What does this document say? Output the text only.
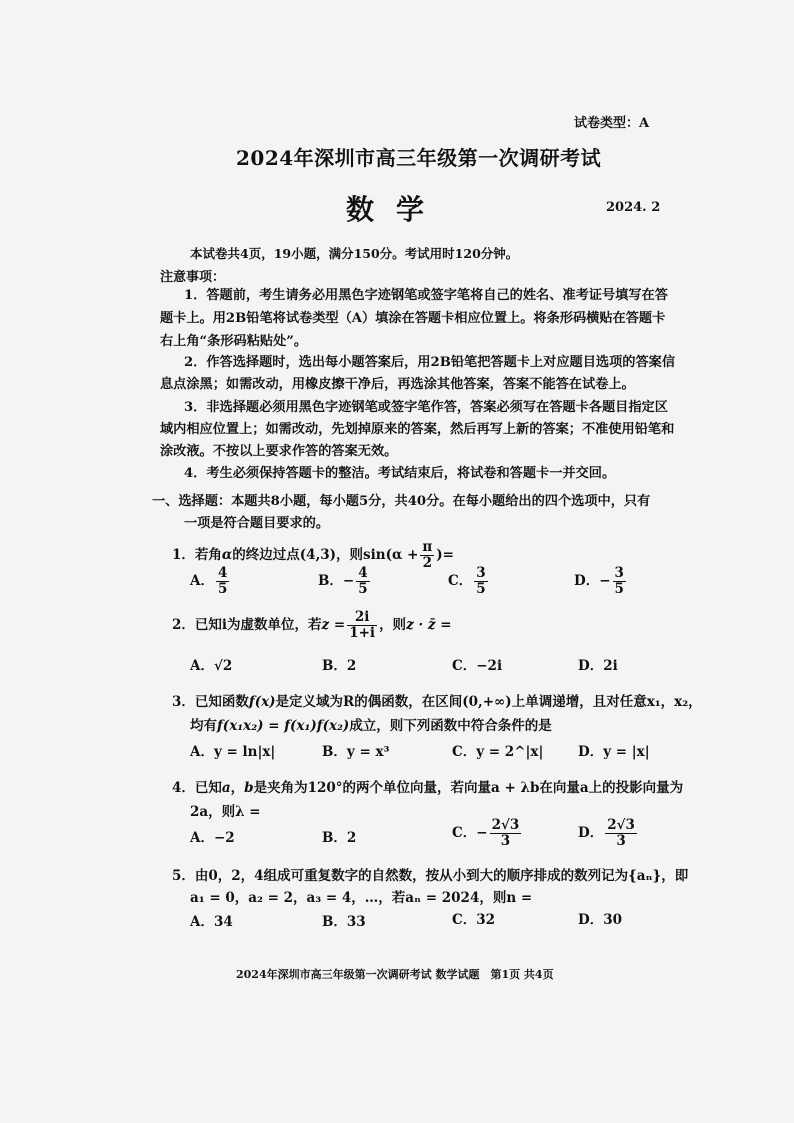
试卷类型：A
2024年深圳市高三年级第一次调研考试
数学	2024. 2
本试卷共4页，19小题，满分150分。考试用时120分钟。
注意事项：
1．答题前，考生请务必用黑色字迹钢笔或签字笔将自己的姓名、准考证号填写在答
题卡上。用2B铅笔将试卷类型（A）填涂在答题卡相应位置上。将条形码横贴在答题卡
右上角“条形码粘贴处”。
2．作答选择题时，选出每小题答案后，用2B铅笔把答题卡上对应题目选项的答案信
息点涂黑；如需改动，用橡皮擦干净后，再选涂其他答案，答案不能答在试卷上。
3．非选择题必须用黑色字迹钢笔或签字笔作答，答案必须写在答题卡各题目指定区
域内相应位置上；如需改动，先划掉原来的答案，然后再写上新的答案；不准使用铅笔和
涂改液。不按以上要求作答的答案无效。
4．考生必须保持答题卡的整洁。考试结束后，将试卷和答题卡一并交回。
一、选择题：本题共8小题，每小题5分，共40分。在每小题给出的四个选项中，只有
一项是符合题目要求的。
1．若角α的终边过点(4,3)，则$\sin(\alpha + \frac{\pi}{2}$ )=
A． $\frac{4}{5}$	B．− $\frac{4}{5}$	C． $\frac{3}{5}$	D．− $\frac{3}{5}$
2．已知i为虚数单位，若$z = \frac{2i}{1+i}$ ，则z · z̄ =
A．√2	B．2	C．−2i	D．2i
3．已知函数f(x)是定义域为R的偶函数，在区间(0,+∞)上单调递增，且对任意x₁，x₂，
均有f(x₁x₂) = f(x₁)f(x₂)成立，则下列函数中符合条件的是
A．y = ln|x|	B．y = x³	C．y = 2^|x|	D．y = |x|
4．已知a，b是夹角为120°的两个单位向量，若向量a + λb在向量a上的投影向量为
2a，则λ =
A．−2	B．2	C．− $\frac{2√3}{3}$	D． $\frac{2√3}{3}$
5．由0，2，4组成可重复数字的自然数，按从小到大的顺序排成的数列记为{aₙ}，即
a₁ = 0，a₂ = 2，a₃ = 4，…，若aₙ = 2024，则n =
A．34	B．33	C．32	D．30
2024年深圳市高三年级第一次调研考试 数学试题　第1页 共4页
